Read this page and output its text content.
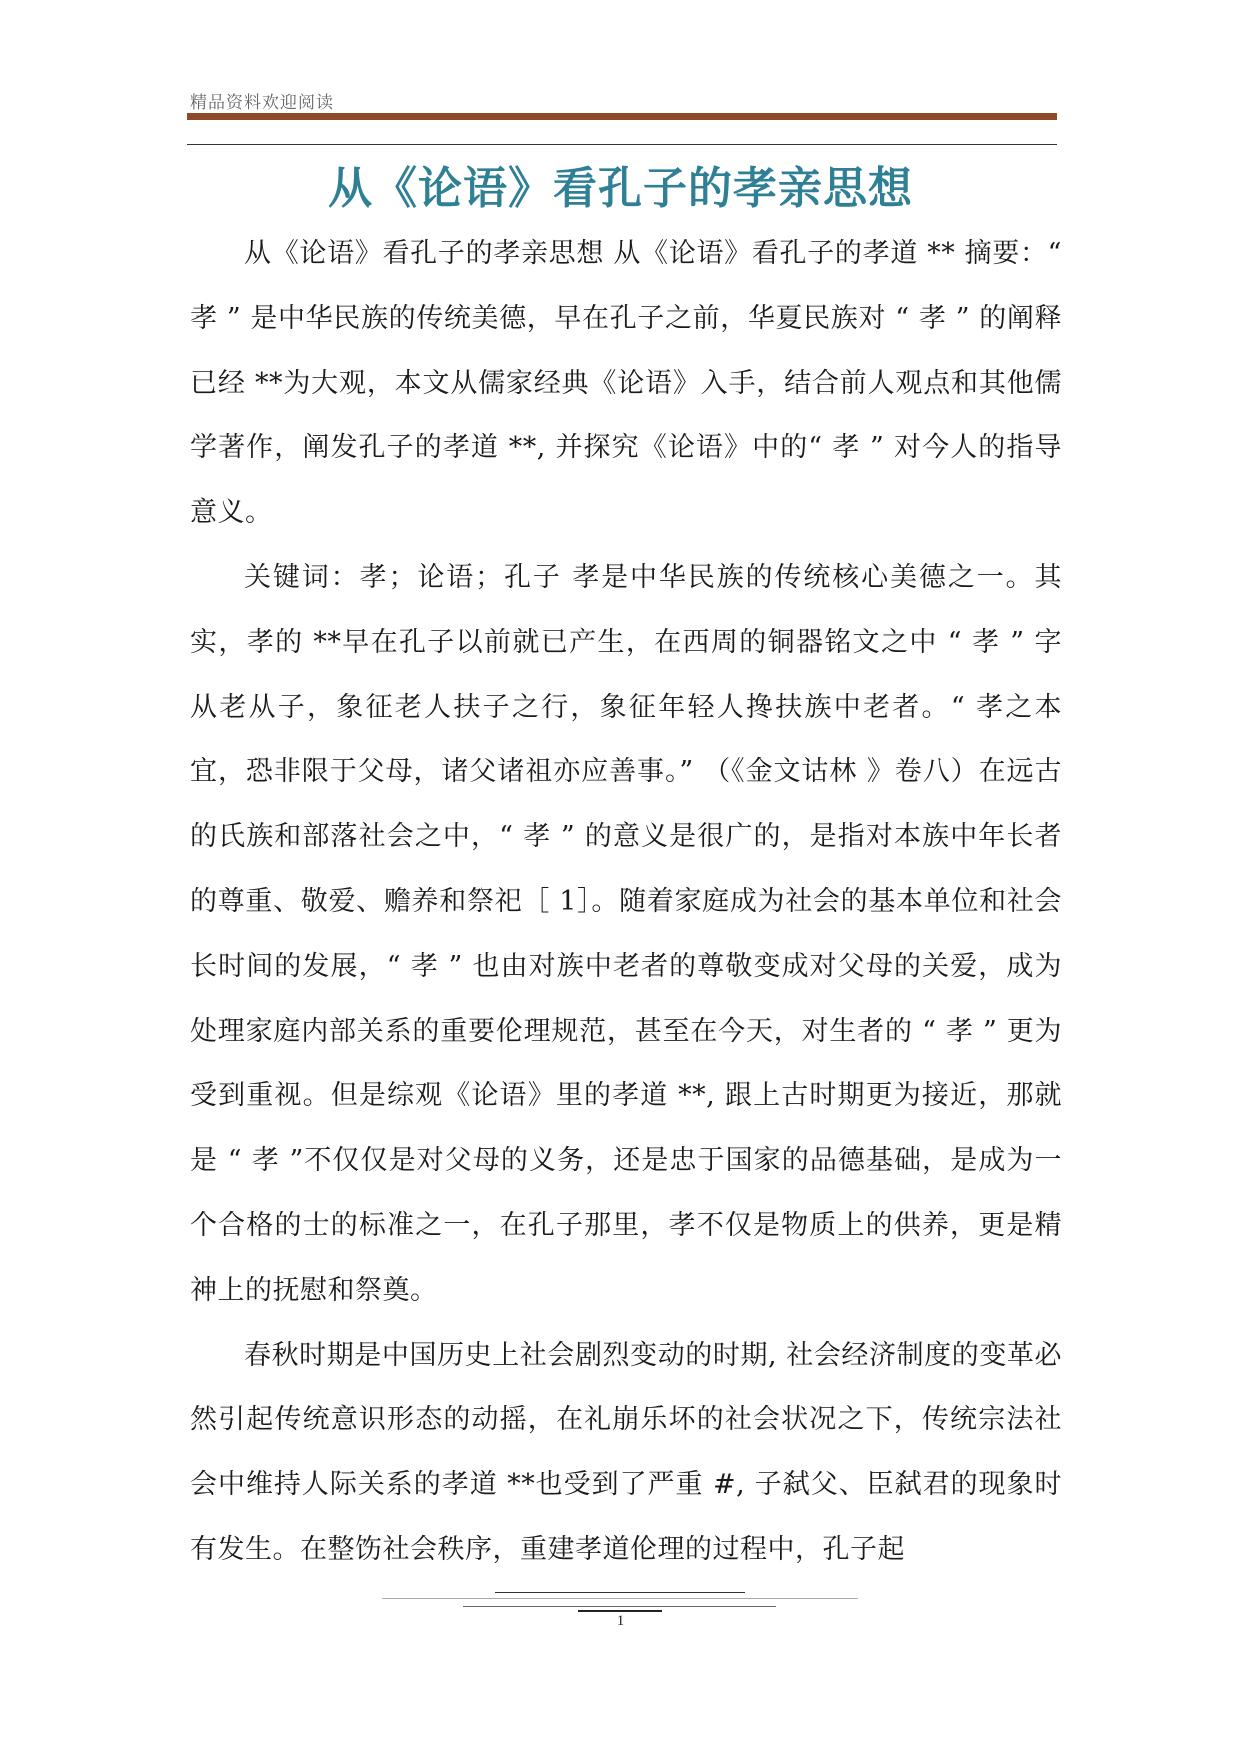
精品资料欢迎阅读
从《论语》看孔子的孝亲思想

从《论语》看孔子的孝亲思想 从《论语》看孔子的孝道 ** 摘要：“ 孝 ” 是中华民族的传统美德，早在孔子之前，华夏民族对 “ 孝 ” 的阐释已经 **为大观，本文从儒家经典《论语》入手，结合前人观点和其他儒学著作，阐发孔子的孝道 **, 并探究《论语》中的“ 孝 ” 对今人的指导意义。

关键词：孝；论语；孔子 孝是中华民族的传统核心美德之一。其实，孝的 **早在孔子以前就已产生，在西周的铜器铭文之中 “ 孝 ” 字从老从子，象征老人扶子之行，象征年轻人搀扶族中老者。“ 孝之本宜，恐非限于父母，诸父诸祖亦应善事。” （《金文诂林 》卷八）在远古的氏族和部落社会之中，“ 孝 ” 的意义是很广的，是指对本族中年长者的尊重、敬爱、赡养和祭祀［ 1］。随着家庭成为社会的基本单位和社会长时间的发展，“ 孝 ” 也由对族中老者的尊敬变成对父母的关爱，成为处理家庭内部关系的重要伦理规范，甚至在今天，对生者的 “ 孝 ” 更为受到重视。但是综观《论语》里的孝道 **, 跟上古时期更为接近，那就是 “ 孝 ”不仅仅是对父母的义务，还是忠于国家的品德基础，是成为一个合格的士的标准之一，在孔子那里，孝不仅是物质上的供养，更是精神上的抚慰和祭奠。

春秋时期是中国历史上社会剧烈变动的时期, 社会经济制度的变革必然引起传统意识形态的动摇，在礼崩乐坏的社会状况之下，传统宗法社会中维持人际关系的孝道 **也受到了严重 #, 子弑父、臣弑君的现象时有发生。在整饬社会秩序，重建孝道伦理的过程中，孔子起

1
